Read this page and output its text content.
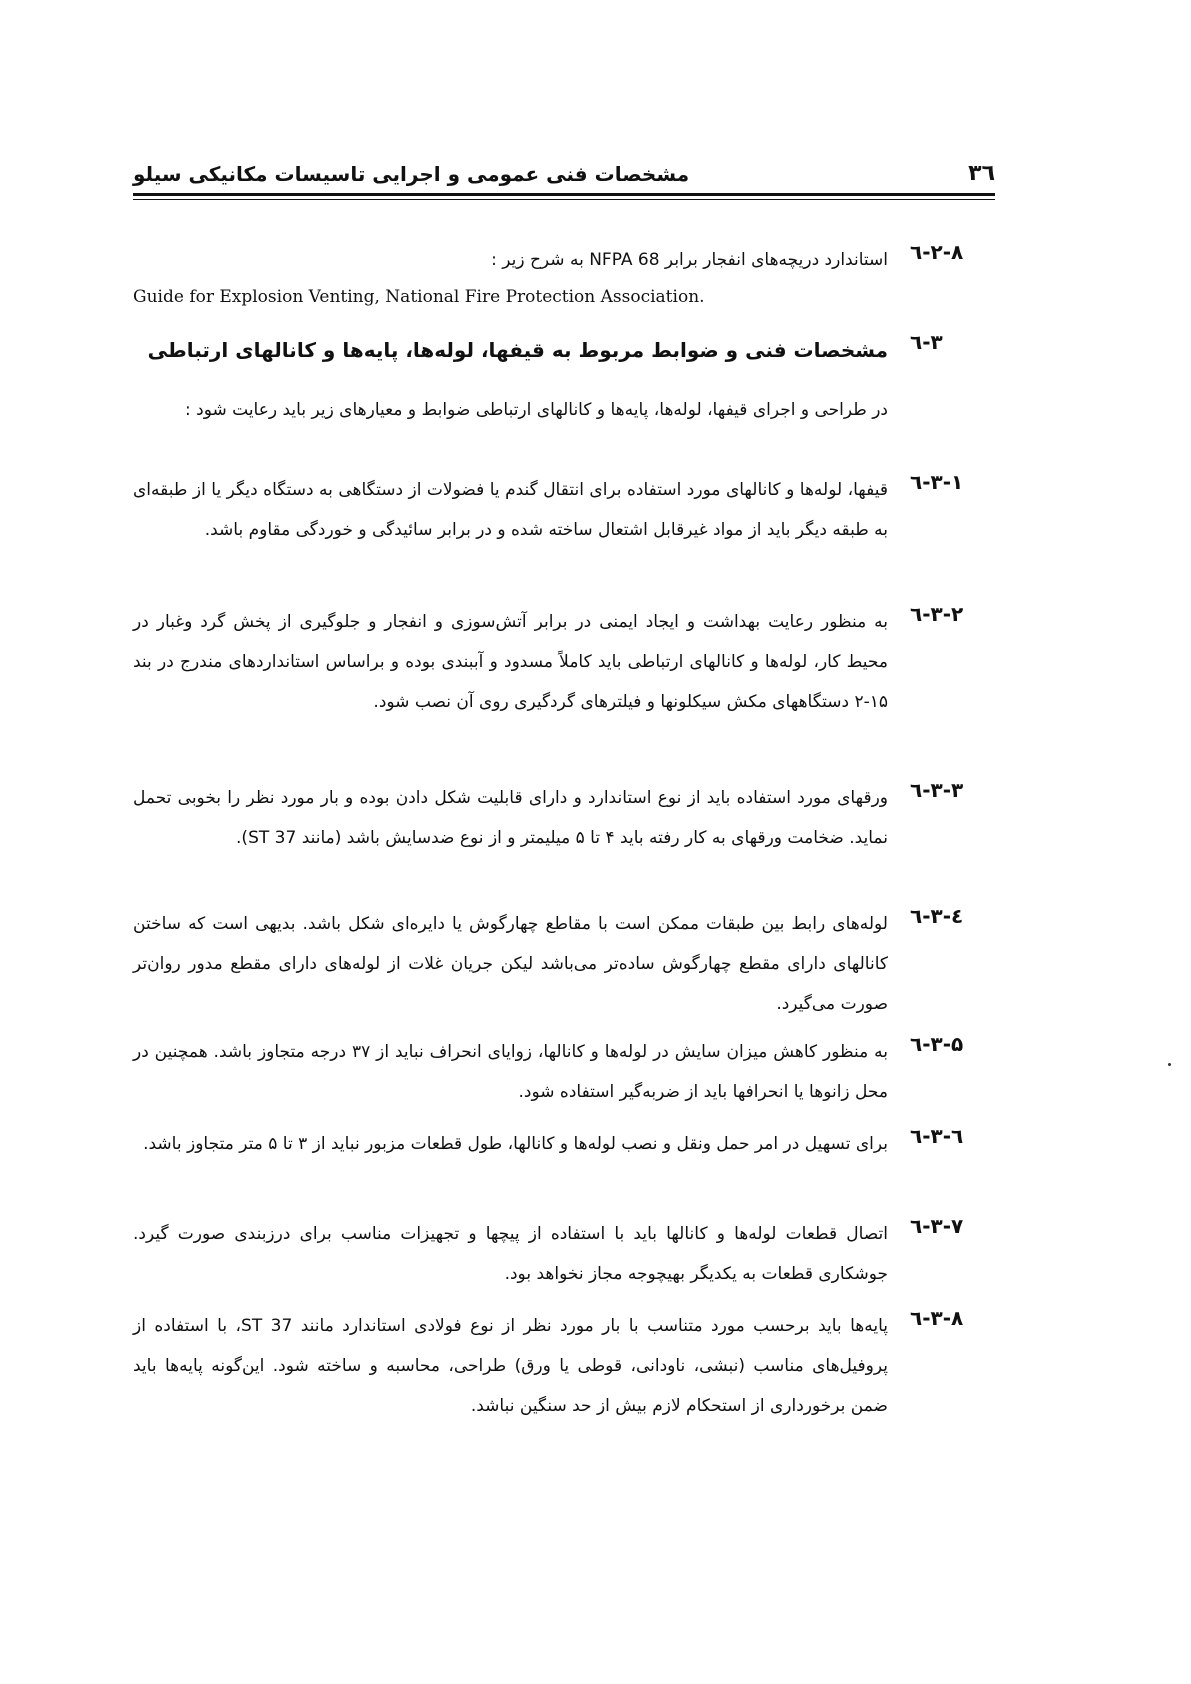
مشخصات فنی عمومی و اجرایی تاسیسات مکانیکی سیلو	۳٦
٦-۲-۸
استاندارد دریچه‌های انفجار برابر NFPA 68 به شرح زیر :
Guide for Explosion Venting, National Fire Protection Association.
٦-۳
مشخصات فنی و ضوابط مربوط به قیفها، لوله‌ها، پایه‌ها و کانالهای ارتباطی
در طراحی و اجرای قیفها، لوله‌ها، پایه‌ها و کانالهای ارتباطی ضوابط و معیارهای زیر باید رعایت شود :
٦-۳-۱
قیفها، لوله‌ها و کانالهای مورد استفاده برای انتقال گندم یا فضولات از دستگاهی به دستگاه دیگر یا از طبقه‌ای به طبقه دیگر باید از مواد غیرقابل اشتعال ساخته شده و در برابر سائیدگی و خوردگی مقاوم باشد.
٦-۳-۲
به منظور رعایت بهداشت و ایجاد ایمنی در برابر آتش‌سوزی و انفجار و جلوگیری از پخش گرد وغبار در محیط کار، لوله‌ها و کانالهای ارتباطی باید کاملاً مسدود و آببندی بوده و براساس استانداردهای مندرج در بند ۱۵-۲ دستگاههای مکش سیکلونها و فیلترهای گردگیری روی آن نصب شود.
٦-۳-۳
ورقهای مورد استفاده باید از نوع استاندارد و دارای قابلیت شکل دادن بوده و بار مورد نظر را بخوبی تحمل نماید. ضخامت ورقهای به کار رفته باید ۴ تا ۵ میلیمتر و از نوع ضدسایش باشد (مانند ST 37).
٦-۳-٤
لوله‌های رابط بین طبقات ممکن است با مقاطع چهارگوش یا دایره‌ای شکل باشد. بدیهی است که ساختن کانالهای دارای مقطع چهارگوش ساده‌تر می‌باشد لیکن جریان غلات از لوله‌های دارای مقطع مدور روان‌تر صورت می‌گیرد.
٦-۳-۵
به منظور کاهش میزان سایش در لوله‌ها و کانالها، زوایای انحراف نباید از ۳۷ درجه متجاوز باشد. همچنین در محل زانوها یا انحرافها باید از ضربه‌گیر استفاده شود.
٦-۳-٦
برای تسهیل در امر حمل ونقل و نصب لوله‌ها و کانالها، طول قطعات مزبور نباید از ۳ تا ۵ متر متجاوز باشد.
٦-۳-۷
اتصال قطعات لوله‌ها و کانالها باید با استفاده از پیچها و تجهیزات مناسب برای درزبندی صورت گیرد. جوشکاری قطعات به یکدیگر بهیچوجه مجاز نخواهد بود.
٦-۳-۸
پایه‌ها باید برحسب مورد متناسب با بار مورد نظر از نوع فولادی استاندارد مانند ST 37، با استفاده از پروفیل‌های مناسب (نبشی، ناودانی، قوطی یا ورق) طراحی، محاسبه و ساخته شود. این‌گونه پایه‌ها باید ضمن برخورداری از استحکام لازم بیش از حد سنگین نباشد.
